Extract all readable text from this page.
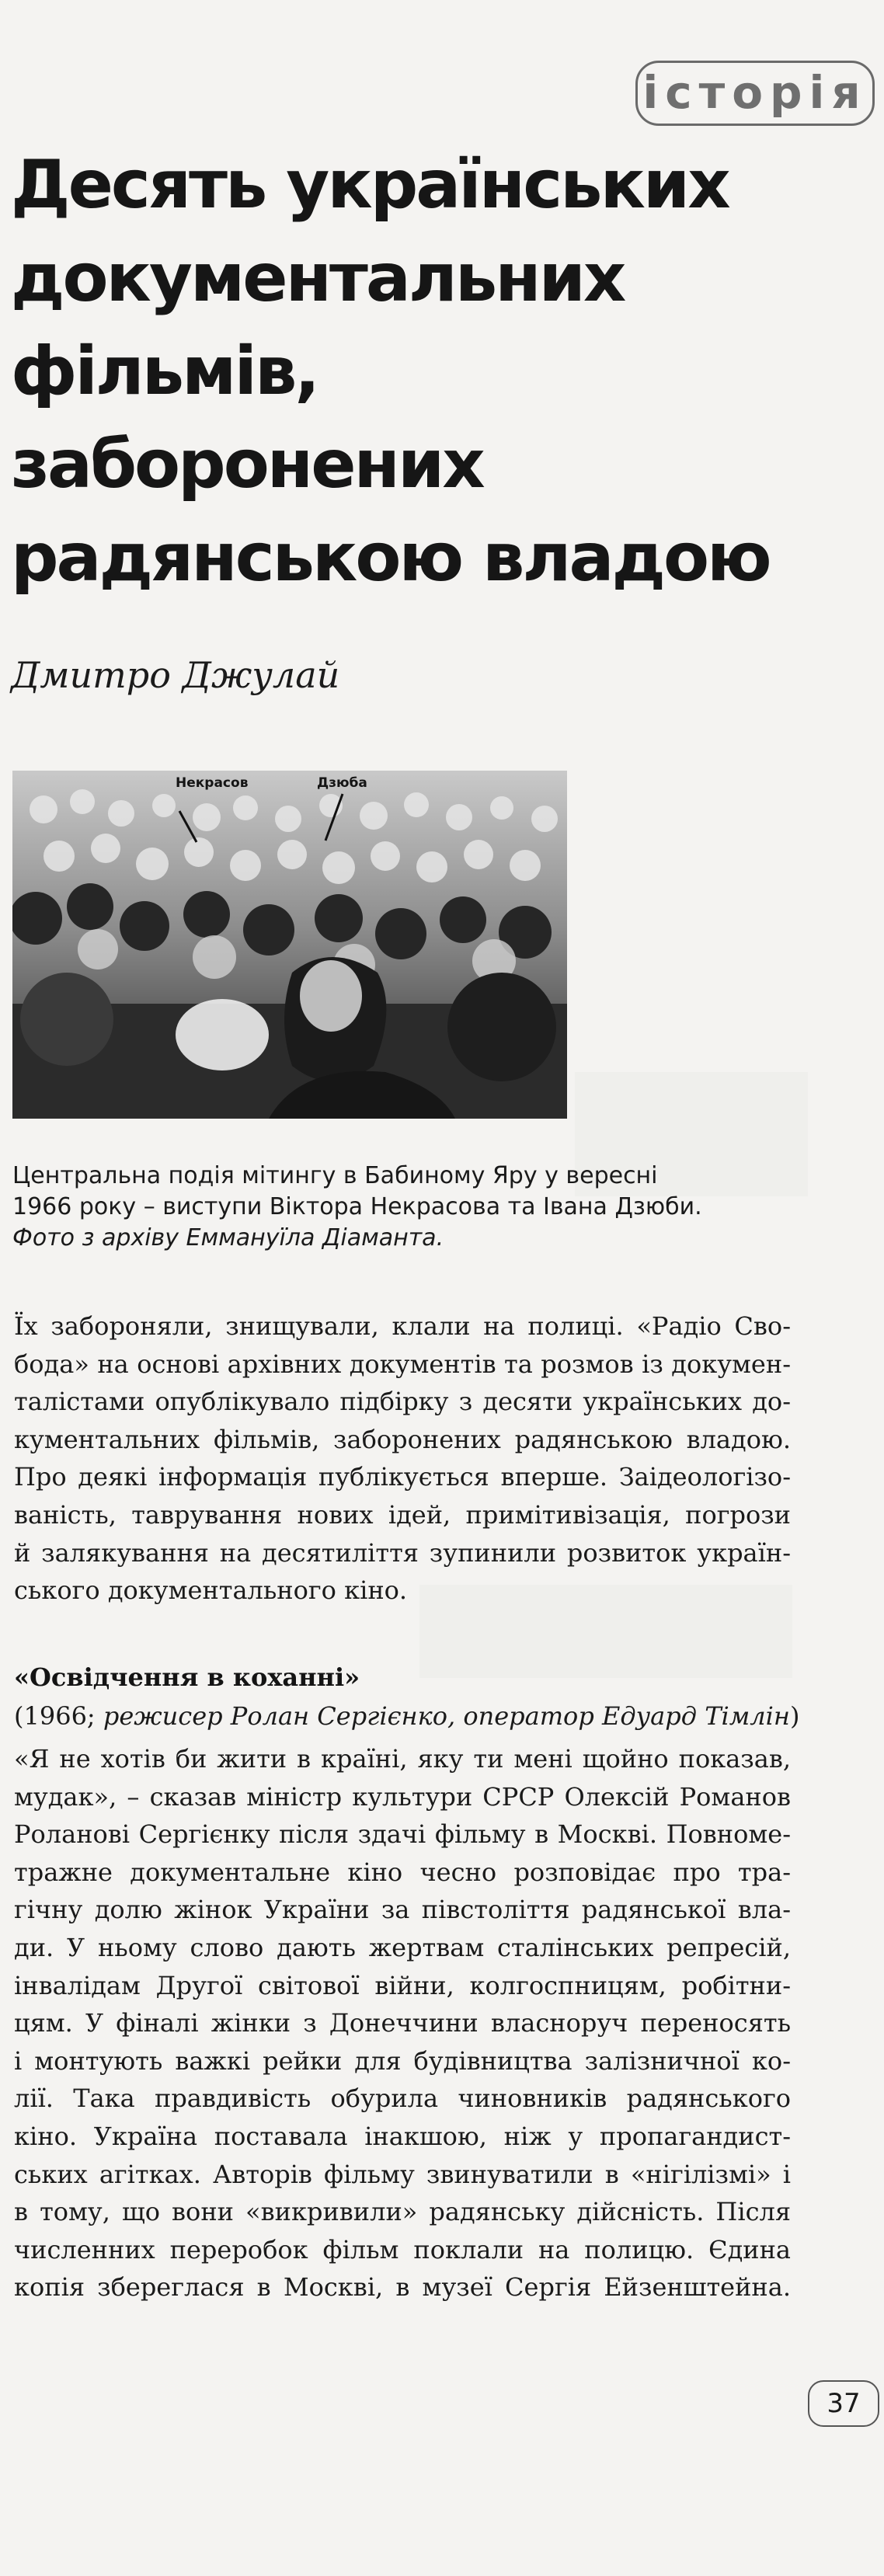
історія
Десять українських
документальних
фільмів,
заборонених
радянською владою
Дмитро Джулай
Некрасов	Дзюба
Центральна подія мітингу в Бабиному Яру у вересні
1966 року – виступи Віктора Некрасова та Івана Дзюби.
Фото з архіву Еммануїла Діаманта.
Їх забороняли, знищували, клали на полиці. «Радіо Сво-
бода» на основі архівних документів та розмов із докумен-
талістами опублікувало підбірку з десяти українських до-
кументальних фільмів, заборонених радянською владою.
Про деякі інформація публікується вперше. Заідеологізо-
ваність, таврування нових ідей, примітивізація, погрози
й залякування на десятиліття зупинили розвиток україн-
ського документального кіно.
«Освідчення в коханні»
(1966; режисер Ролан Сергієнко, оператор Едуард Тімлін)
«Я не хотів би жити в країні, яку ти мені щойно показав,
мудак», – сказав міністр культури СРСР Олексій Романов
Роланові Сергієнку після здачі фільму в Москві. Повноме-
тражне документальне кіно чесно розповідає про тра-
гічну долю жінок України за півстоліття радянської вла-
ди. У ньому слово дають жертвам сталінських репресій,
інвалідам Другої світової війни, колгоспницям, робітни-
цям. У фіналі жінки з Донеччини власноруч переносять
і монтують важкі рейки для будівництва залізничної ко-
лії. Така правдивість обурила чиновників радянського
кіно. Україна поставала інакшою, ніж у пропагандист-
ських агітках. Авторів фільму звинуватили в «нігілізмі» і
в тому, що вони «викривили» радянську дійсність. Після
численних переробок фільм поклали на полицю. Єдина
копія збереглася в Москві, в музеї Сергія Ейзенштейна.
37
